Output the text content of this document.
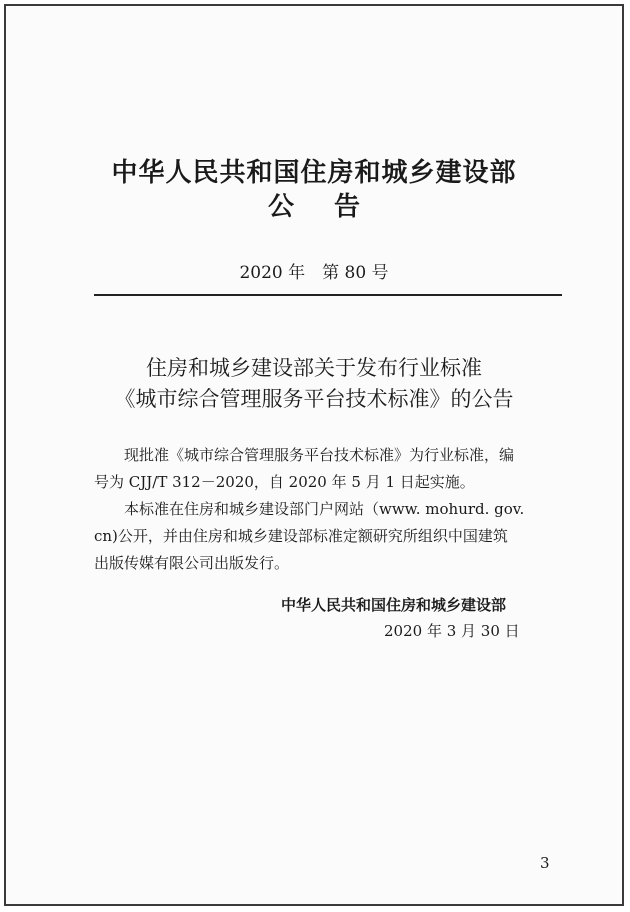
中华人民共和国住房和城乡建设部
公告
2020 年　第 80 号
住房和城乡建设部关于发布行业标准
《城市综合管理服务平台技术标准》的公告
现批准《城市综合管理服务平台技术标准》为行业标准，编
号为 CJJ/T 312－2020，自 2020 年 5 月 1 日起实施。
本标准在住房和城乡建设部门户网站（www. mohurd. gov.
cn)公开，并由住房和城乡建设部标准定额研究所组织中国建筑
出版传媒有限公司出版发行。
中华人民共和国住房和城乡建设部
2020 年 3 月 30 日
3
